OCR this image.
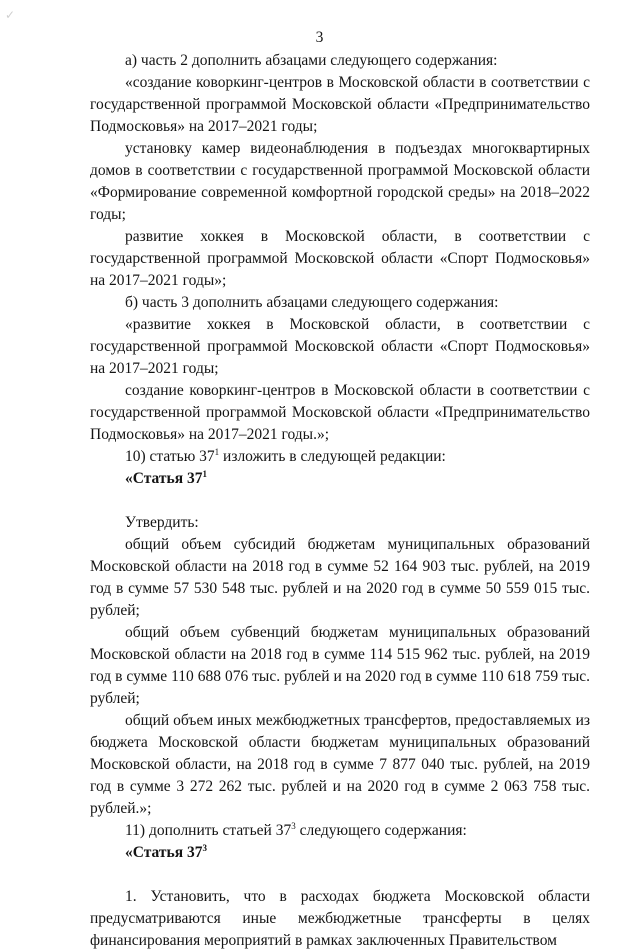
✓
3

а) часть 2 дополнить абзацами следующего содержания:

«создание коворкинг-центров в Московской области в соответствии с государственной программой Московской области «Предпринимательство Подмосковья» на 2017–2021 годы;

установку камер видеонаблюдения в подъездах многоквартирных домов в соответствии с государственной программой Московской области «Формирование современной комфортной городской среды» на 2018–2022 годы;

развитие хоккея в Московской области, в соответствии с государственной программой Московской области «Спорт Подмосковья» на 2017–2021 годы»;

б) часть 3 дополнить абзацами следующего содержания:

«развитие хоккея в Московской области, в соответствии с государственной программой Московской области «Спорт Подмосковья» на 2017–2021 годы;

создание коворкинг-центров в Московской области в соответствии с государственной программой Московской области «Предпринимательство Подмосковья» на 2017–2021 годы.»;

10) статью $37^1$ изложить в следующей редакции:

«Статья $37^1$

Утвердить:

общий объем субсидий бюджетам муниципальных образований Московской области на 2018 год в сумме 52 164 903 тыс. рублей, на 2019 год в сумме 57 530 548 тыс. рублей и на 2020 год в сумме 50 559 015 тыс. рублей;

общий объем субвенций бюджетам муниципальных образований Московской области на 2018 год в сумме 114 515 962 тыс. рублей, на 2019 год в сумме 110 688 076 тыс. рублей и на 2020 год в сумме 110 618 759 тыс. рублей;

общий объем иных межбюджетных трансфертов, предоставляемых из бюджета Московской области бюджетам муниципальных образований Московской области, на 2018 год в сумме 7 877 040 тыс. рублей, на 2019 год в сумме 3 272 262 тыс. рублей и на 2020 год в сумме 2 063 758 тыс. рублей.»;

11) дополнить статьей $37^3$ следующего содержания:

«Статья $37^3$

1. Установить, что в расходах бюджета Московской области предусматриваются иные межбюджетные трансферты в целях финансирования мероприятий в рамках заключенных Правительством
